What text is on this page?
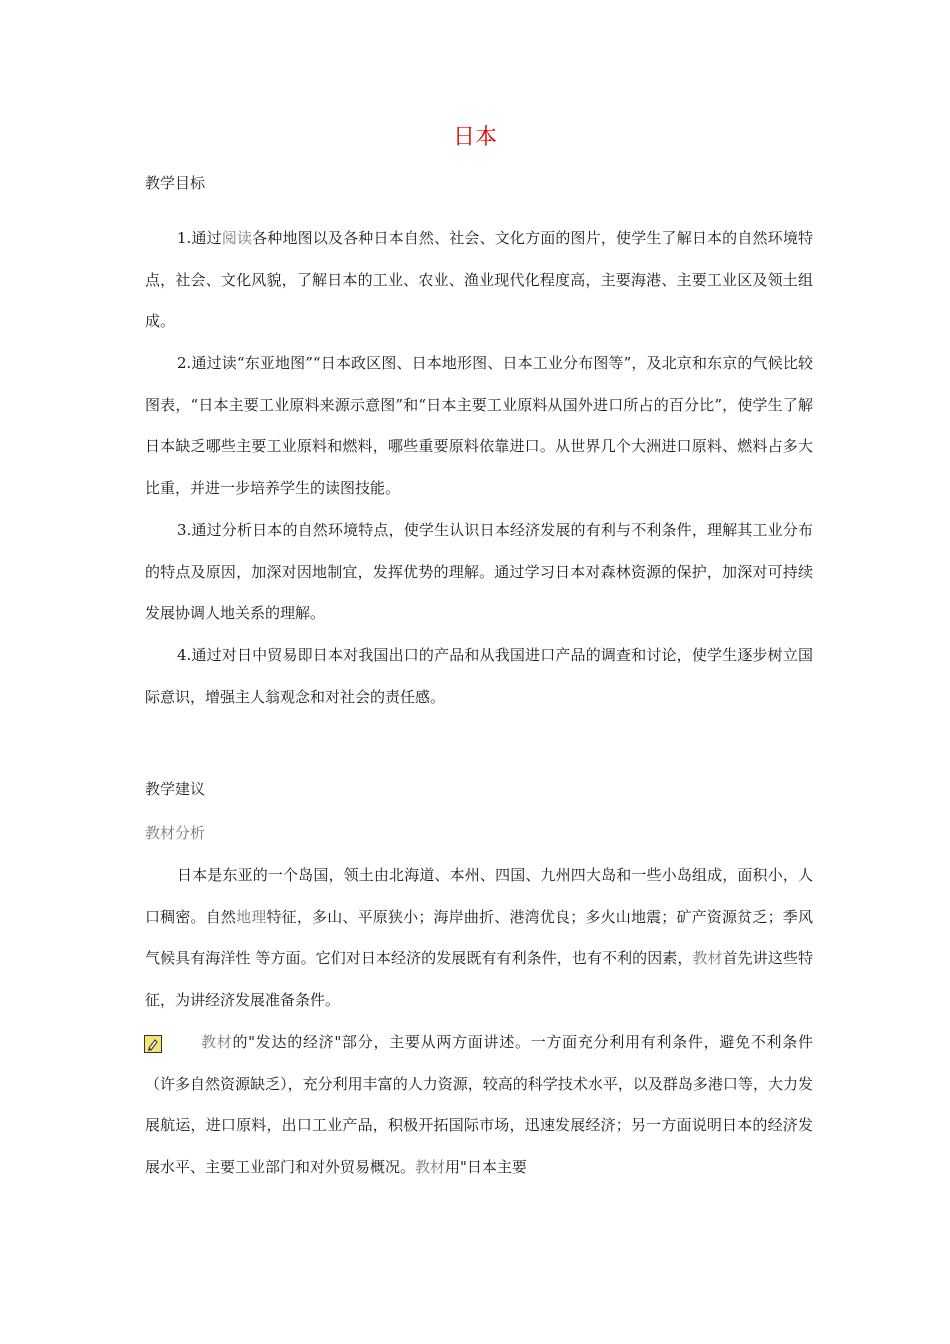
日本
教学目标

1.通过阅读各种地图以及各种日本自然、社会、文化方面的图片，使学生了解日本的自然环境特点，社会、文化风貌，了解日本的工业、农业、渔业现代化程度高，主要海港、主要工业区及领土组成。

2.通过读“东亚地图”“日本政区图、日本地形图、日本工业分布图等”，及北京和东京的气候比较图表，“日本主要工业原料来源示意图”和“日本主要工业原料从国外进口所占的百分比”，使学生了解日本缺乏哪些主要工业原料和燃料，哪些重要原料依靠进口。从世界几个大洲进口原料、燃料占多大比重，并进一步培养学生的读图技能。

3.通过分析日本的自然环境特点，使学生认识日本经济发展的有利与不利条件，理解其工业分布的特点及原因，加深对因地制宜，发挥优势的理解。通过学习日本对森林资源的保护，加深对可持续发展协调人地关系的理解。

4.通过对日中贸易即日本对我国出口的产品和从我国进口产品的调查和讨论，使学生逐步树立国际意识，增强主人翁观念和对社会的责任感。

教学建议
教材分析

日本是东亚的一个岛国，领土由北海道、本州、四国、九州四大岛和一些小岛组成，面积小，人口稠密。自然地理特征，多山、平原狭小；海岸曲折、港湾优良；多火山地震；矿产资源贫乏；季风气候具有海洋性 等方面。它们对日本经济的发展既有有利条件，也有不利的因素，教材首先讲这些特征，为讲经济发展准备条件。

教材的"发达的经济"部分，主要从两方面讲述。一方面充分利用有利条件，避免不利条件（许多自然资源缺乏），充分利用丰富的人力资源，较高的科学技术水平，以及群岛多港口等，大力发展航运，进口原料，出口工业产品，积极开拓国际市场，迅速发展经济；另一方面说明日本的经济发展水平、主要工业部门和对外贸易概况。教材用"日本主要
